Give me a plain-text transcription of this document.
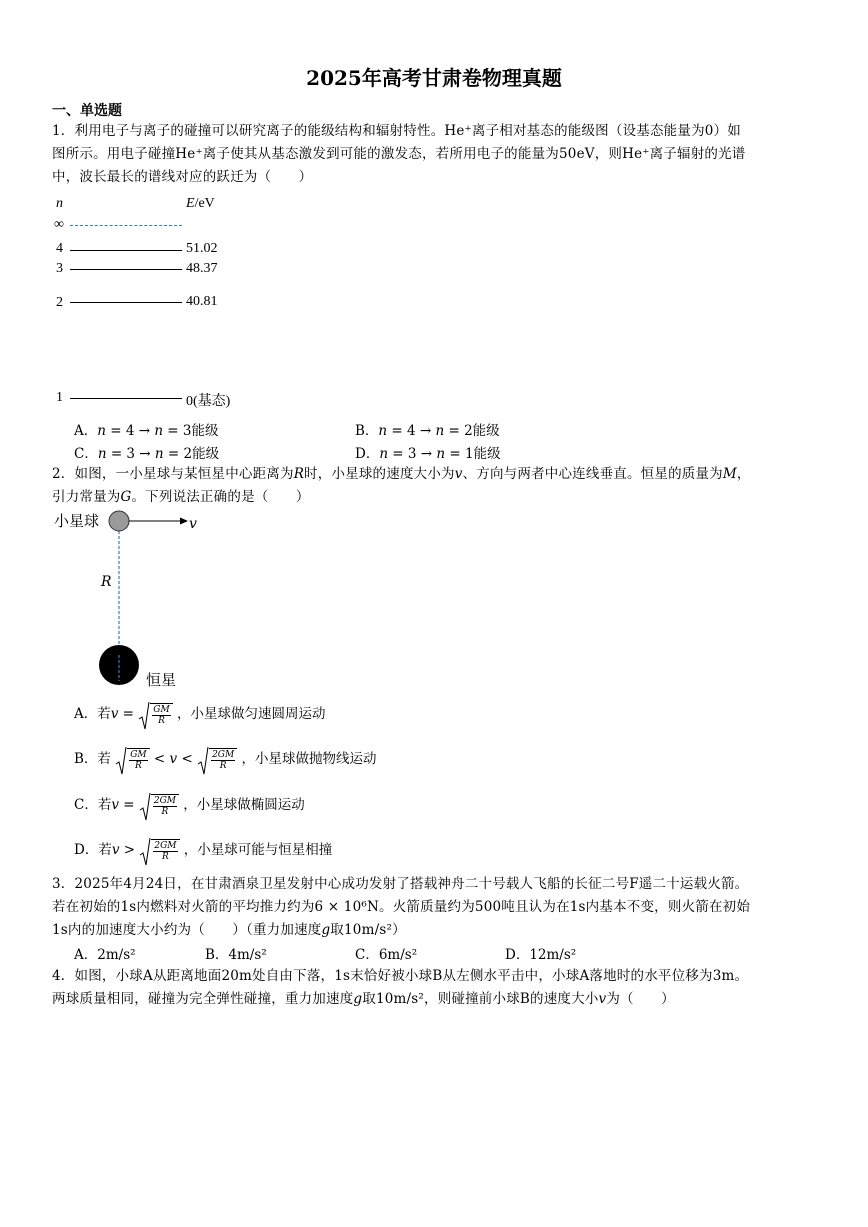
2025年高考甘肃卷物理真题
一、单选题
1．利用电子与离子的碰撞可以研究离子的能级结构和辐射特性。He⁺离子相对基态的能级图（设基态能量为0）如
图所示。用电子碰撞He⁺离子使其从基态激发到可能的激发态，若所用电子的能量为50eV，则He⁺离子辐射的光谱
中，波长最长的谱线对应的跃迁为（　　）
n	E/eV
∞
4	51.02
3	48.37
2	40.81
1	0(基态)
A．𝑛 = 4 → 𝑛 = 3能级	B．𝑛 = 4 → 𝑛 = 2能级
C．𝑛 = 3 → 𝑛 = 2能级	D．𝑛 = 3 → 𝑛 = 1能级
2．如图，一小星球与某恒星中心距离为𝑅时，小星球的速度大小为𝑣、方向与两者中心连线垂直。恒星的质量为𝑀，
引力常量为𝐺。下列说法正确的是（　　）
小星球	v
R
恒星
A．若𝑣 = $\frac{GM}{R}$ ，小星球做匀速圆周运动
B．若 $\frac{GM}{R}$ < 𝑣 < $\frac{2GM}{R}$ ，小星球做抛物线运动
C．若𝑣 = $\frac{2GM}{R}$ ，小星球做椭圆运动
D．若𝑣 > $\frac{2GM}{R}$ ，小星球可能与恒星相撞
3．2025年4月24日，在甘肃酒泉卫星发射中心成功发射了搭载神舟二十号载人飞船的长征二号F遥二十运载火箭。
若在初始的1s内燃料对火箭的平均推力约为6 × 10⁶N。火箭质量约为500吨且认为在1s内基本不变，则火箭在初始
1s内的加速度大小约为（　　）（重力加速度𝑔取10m/s²）
A．2m/s²	B．4m/s²	C．6m/s²	D．12m/s²
4．如图，小球A从距离地面20m处自由下落，1s末恰好被小球B从左侧水平击中，小球A落地时的水平位移为3m。
两球质量相同，碰撞为完全弹性碰撞，重力加速度𝑔取10m/s²，则碰撞前小球B的速度大小𝑣为（　　）
